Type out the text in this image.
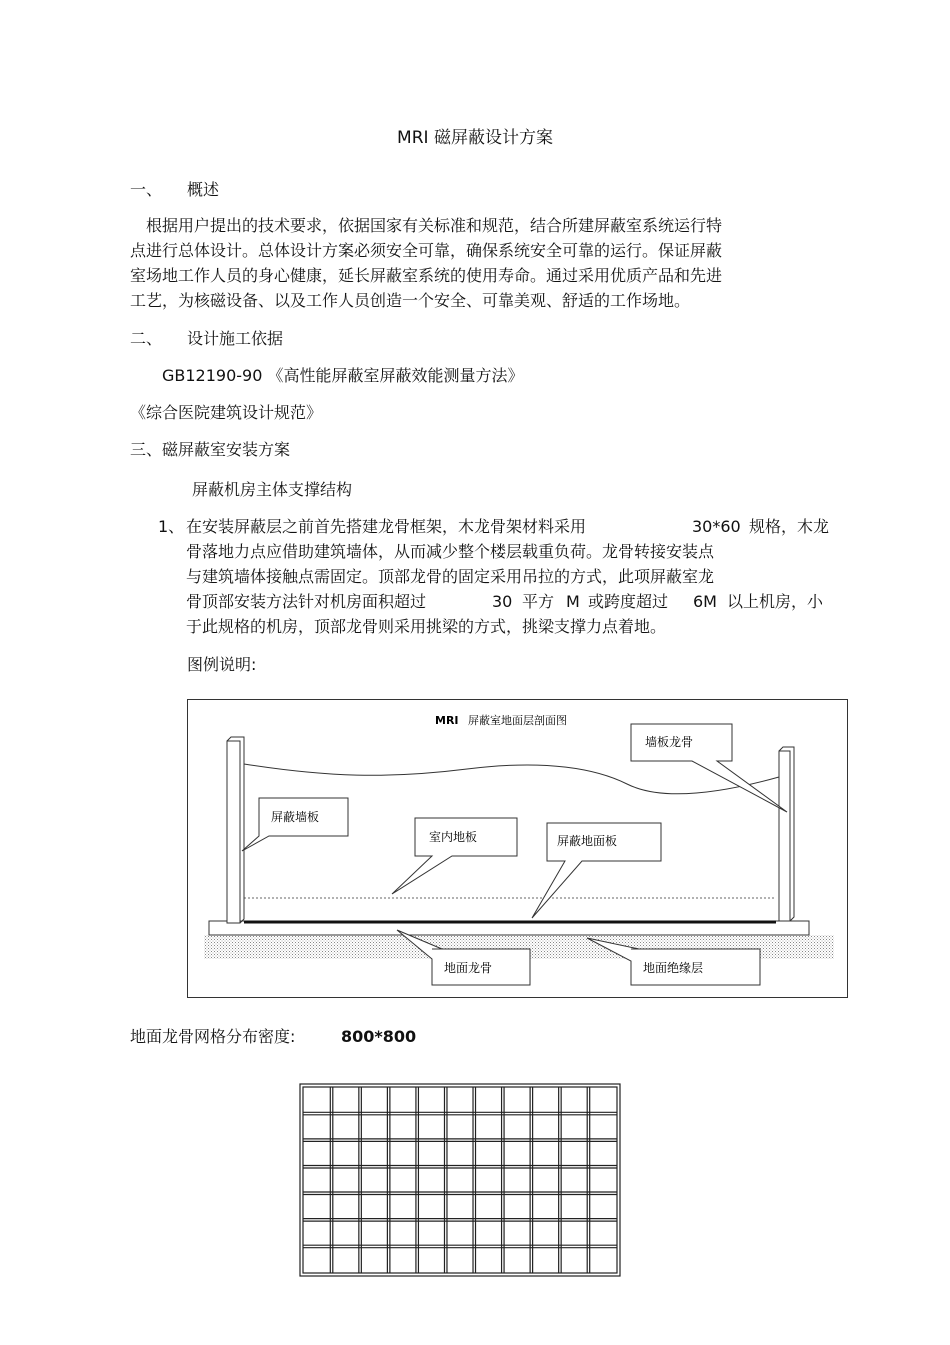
MRI 磁屏蔽设计方案
一、 概述
根据用户提出的技术要求，依据国家有关标准和规范，结合所建屏蔽室系统运行特
点进行总体设计。总体设计方案必须安全可靠，确保系统安全可靠的运行。保证屏蔽
室场地工作人员的身心健康，延长屏蔽室系统的使用寿命。通过采用优质产品和先进
工艺，为核磁设备、以及工作人员创造一个安全、可靠美观、舒适的工作场地。
二、 设计施工依据
GB12190-90 《高性能屏蔽室屏蔽效能测量方法》
《综合医院建筑设计规范》
三、磁屏蔽室安装方案
屏蔽机房主体支撑结构
1、 在安装屏蔽层之前首先搭建龙骨框架，木龙骨架材料采用	30*60 规格，木龙
骨落地力点应借助建筑墙体，从而减少整个楼层载重负荷。龙骨转接安装点
与建筑墙体接触点需固定。顶部龙骨的固定采用吊拉的方式，此项屏蔽室龙
骨顶部安装方法针对机房面积超过	30 平方 M 或跨度超过 6M 以上机房，小
于此规格的机房，顶部龙骨则采用挑梁的方式，挑梁支撑力点着地。
图例说明:
MRI 屏蔽室地面层剖面图
墙板龙骨
屏蔽墙板
室内地板	屏蔽地面板
地面龙骨	地面绝缘层
地面龙骨网格分布密度:	800*800
